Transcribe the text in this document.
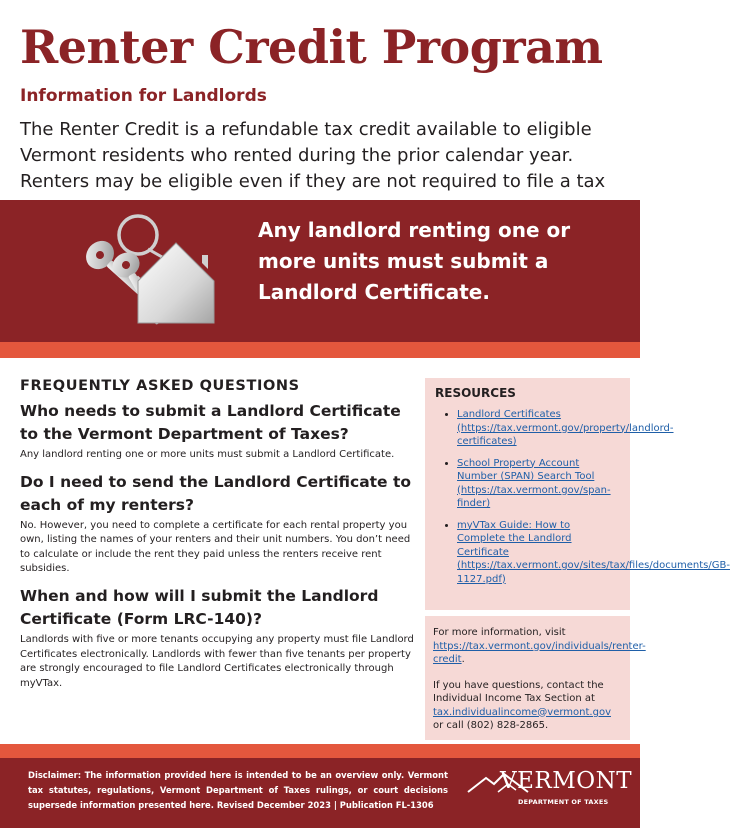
Renter Credit Program
Information for Landlords

The Renter Credit is a refundable tax credit available to eligible Vermont residents who rented during the prior calendar year. Renters may be eligible even if they are not required to file a tax

Any landlord renting one or more units must submit a Landlord Certificate.

FREQUENTLY ASKED QUESTIONS

Who needs to submit a Landlord Certificate to the Vermont Department of Taxes?

Any landlord renting one or more units must submit a Landlord Certificate.

Do I need to send the Landlord Certificate to each of my renters?

No. However, you need to complete a certificate for each rental property you own, listing the names of your renters and their unit numbers. You don’t need to calculate or include the rent they paid unless the renters receive rent subsidies.

When and how will I submit the Landlord Certificate (Form LRC-140)?

Landlords with five or more tenants occupying any property must file Landlord Certificates electronically. Landlords with fewer than five tenants per property are strongly encouraged to file Landlord Certificates electronically through myVTax.

RESOURCES
• Landlord Certificates (https://tax.vermont.gov/property/landlord-certificates)
• School Property Account Number (SPAN) Search Tool (https://tax.vermont.gov/span-finder)
• myVTax Guide: How to Complete the Landlord Certificate (https://tax.vermont.gov/sites/tax/files/documents/GB-1127.pdf)

For more information, visit https://tax.vermont.gov/individuals/renter-credit.

If you have questions, contact the Individual Income Tax Section at tax.individualincome@vermont.gov or call (802) 828-2865.

Disclaimer: The information provided here is intended to be an overview only. Vermont tax statutes, regulations, Vermont Department of Taxes rulings, or court decisions supersede information presented here. Revised December 2023 | Publication FL-1306

VERMONT

DEPARTMENT OF TAXES
